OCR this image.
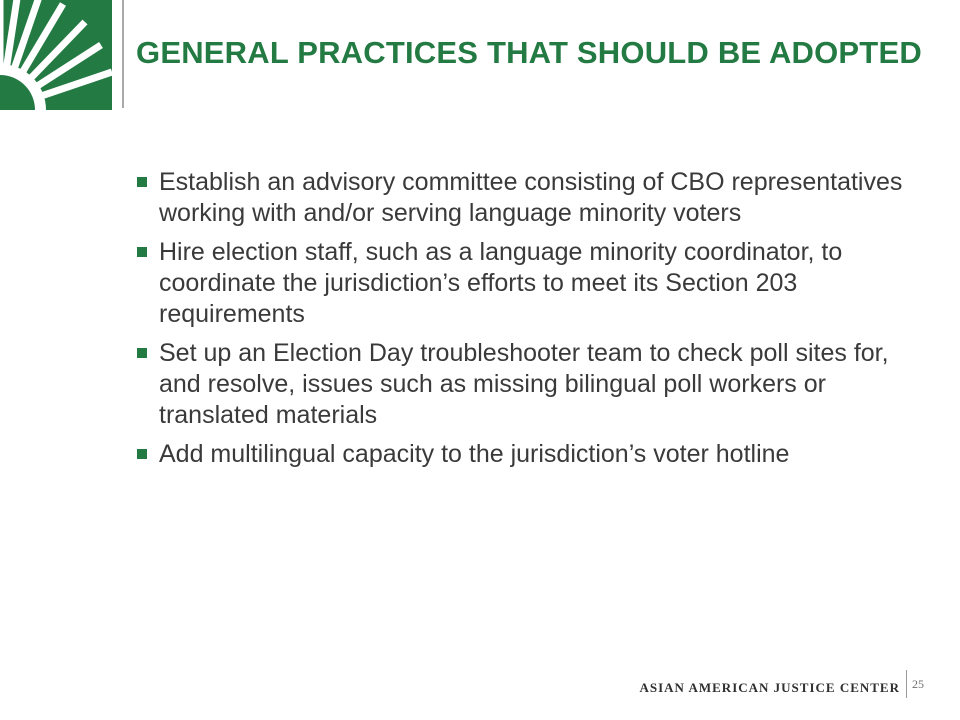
GENERAL PRACTICES THAT SHOULD BE ADOPTED
Establish an advisory committee consisting of CBO representatives working with and/or serving language minority voters
Hire election staff, such as a language minority coordinator, to coordinate the jurisdiction’s efforts to meet its Section 203 requirements
Set up an Election Day troubleshooter team to check poll sites for, and resolve, issues such as missing bilingual poll workers or translated materials
Add multilingual capacity to the jurisdiction’s voter hotline
ASIAN AMERICAN JUSTICE CENTER 25
